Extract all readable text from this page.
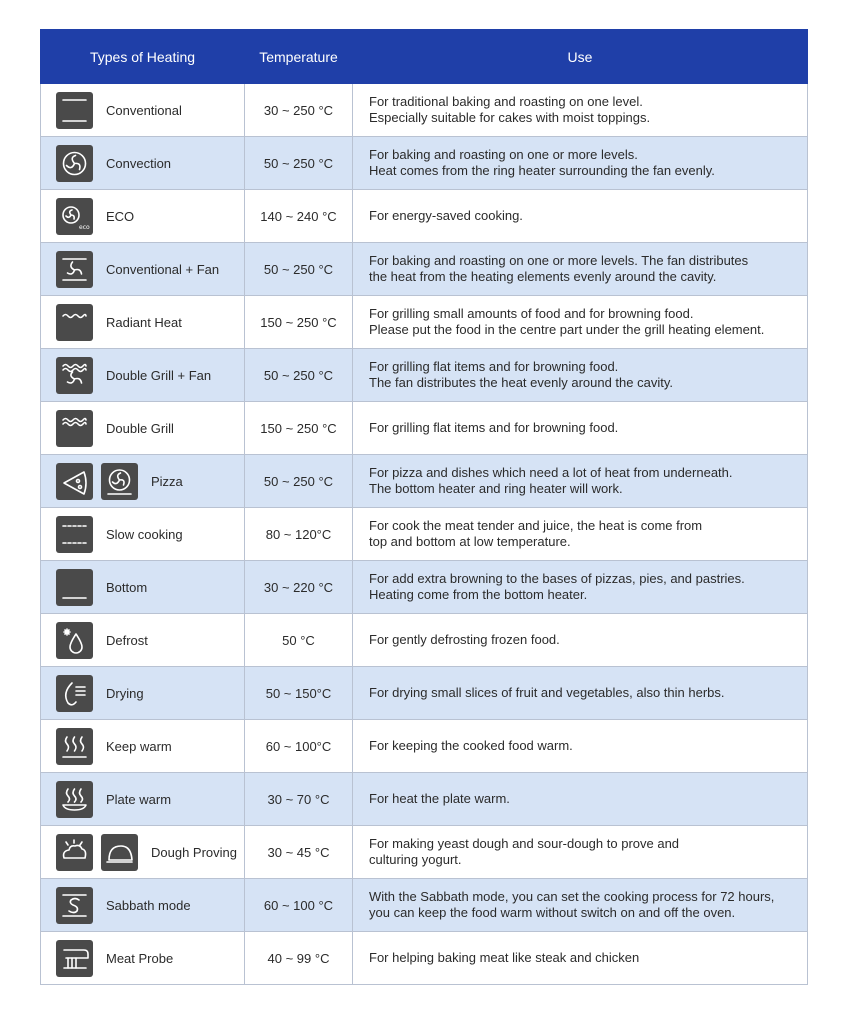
Types of Heating	Temperature	Use

Conventional	30 ~ 250 °C	For traditional baking and roasting on one level.
Especially suitable for cakes with moist toppings.

Convection	50 ~ 250 °C	For baking and roasting on one or more levels.
Heat comes from the ring heater surrounding the fan evenly.

eco
ECO	140 ~ 240 °C	For energy-saved cooking.

Conventional + Fan	50 ~ 250 °C	For baking and roasting on one or more levels. The fan distributes
the heat from the heating elements evenly around the cavity.

Radiant Heat	150 ~ 250 °C	For grilling small amounts of food and for browning food.
Please put the food in the centre part under the grill heating element.

Double Grill + Fan	50 ~ 250 °C	For grilling flat items and for browning food.
The fan distributes the heat evenly around the cavity.

Double Grill	150 ~ 250 °C	For grilling flat items and for browning food.

Pizza	50 ~ 250 °C	For pizza and dishes which need a lot of heat from underneath.
The bottom heater and ring heater will work.

Slow cooking	80 ~ 120°C	For cook the meat tender and juice, the heat is come from
top and bottom at low temperature.

Bottom	30 ~ 220 °C	For add extra browning to the bases of pizzas, pies, and pastries.
Heating come from the bottom heater.

Defrost	50 °C	For gently defrosting frozen food.

Drying	50 ~ 150°C	For drying small slices of fruit and vegetables, also thin herbs.

Keep warm	60 ~ 100°C	For keeping the cooked food warm.

Plate warm	30 ~ 70 °C	For heat the plate warm.

Dough Proving	30 ~ 45 °C	For making yeast dough and sour-dough to prove and
culturing yogurt.

Sabbath mode	60 ~ 100 °C	With the Sabbath mode, you can set the cooking process for 72 hours,
you can keep the food warm without switch on and off the oven.

Meat Probe	40 ~ 99 °C	For helping baking meat like steak and chicken
